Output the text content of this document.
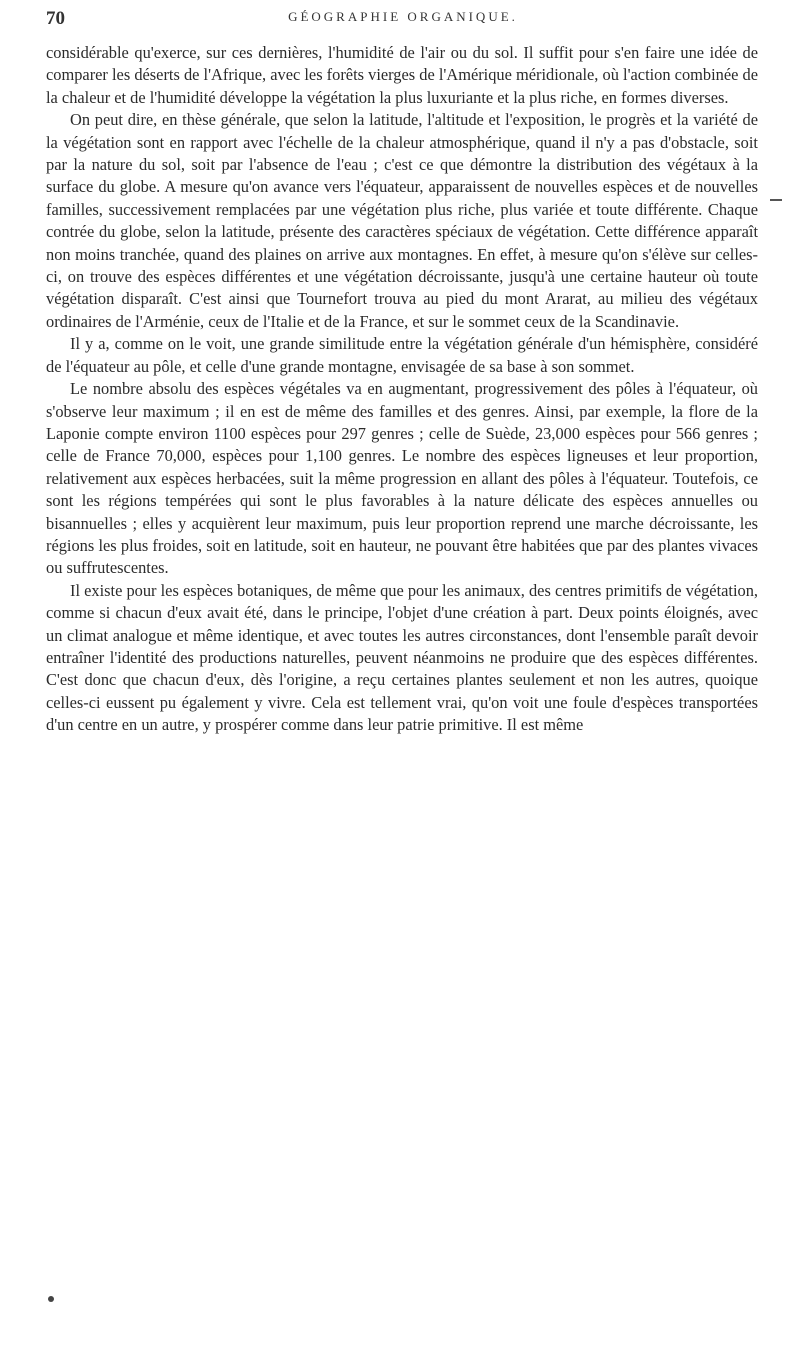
70	GÉOGRAPHIE ORGANIQUE.

considérable qu'exerce, sur ces dernières, l'humidité de l'air ou du sol. Il suffit pour s'en faire une idée de comparer les déserts de l'Afrique, avec les forêts vierges de l'Amérique méridionale, où l'action combinée de la chaleur et de l'humidité développe la végétation la plus luxuriante et la plus riche, en formes diverses.

On peut dire, en thèse générale, que selon la latitude, l'altitude et l'exposition, le progrès et la variété de la végétation sont en rapport avec l'échelle de la chaleur atmosphérique, quand il n'y a pas d'obstacle, soit par la nature du sol, soit par l'absence de l'eau ; c'est ce que démontre la distribution des végétaux à la surface du globe. A mesure qu'on avance vers l'équateur, apparaissent de nouvelles espèces et de nouvelles familles, successivement remplacées par une végétation plus riche, plus variée et toute différente. Chaque contrée du globe, selon la latitude, présente des caractères spéciaux de végétation. Cette différence apparaît non moins tranchée, quand des plaines on arrive aux montagnes. En effet, à mesure qu'on s'élève sur celles-ci, on trouve des espèces différentes et une végétation décroissante, jusqu'à une certaine hauteur où toute végétation disparaît. C'est ainsi que Tournefort trouva au pied du mont Ararat, au milieu des végétaux ordinaires de l'Arménie, ceux de l'Italie et de la France, et sur le sommet ceux de la Scandinavie.

Il y a, comme on le voit, une grande similitude entre la végétation générale d'un hémisphère, considéré de l'équateur au pôle, et celle d'une grande montagne, envisagée de sa base à son sommet.

Le nombre absolu des espèces végétales va en augmentant, progressivement des pôles à l'équateur, où s'observe leur maximum ; il en est de même des familles et des genres. Ainsi, par exemple, la flore de la Laponie compte environ 1100 espèces pour 297 genres ; celle de Suède, 23,000 espèces pour 566 genres ; celle de France 70,000, espèces pour 1,100 genres. Le nombre des espèces ligneuses et leur proportion, relativement aux espèces herbacées, suit la même progression en allant des pôles à l'équateur. Toutefois, ce sont les régions tempérées qui sont le plus favorables à la nature délicate des espèces annuelles ou bisannuelles ; elles y acquièrent leur maximum, puis leur proportion reprend une marche décroissante, les régions les plus froides, soit en latitude, soit en hauteur, ne pouvant être habitées que par des plantes vivaces ou suffrutescentes.

Il existe pour les espèces botaniques, de même que pour les animaux, des centres primitifs de végétation, comme si chacun d'eux avait été, dans le principe, l'objet d'une création à part. Deux points éloignés, avec un climat analogue et même identique, et avec toutes les autres circonstances, dont l'ensemble paraît devoir entraîner l'identité des productions naturelles, peuvent néanmoins ne produire que des espèces différentes. C'est donc que chacun d'eux, dès l'origine, a reçu certaines plantes seulement et non les autres, quoique celles-ci eussent pu également y vivre. Cela est tellement vrai, qu'on voit une foule d'espèces transportées d'un centre en un autre, y prospérer comme dans leur patrie primitive. Il est même
